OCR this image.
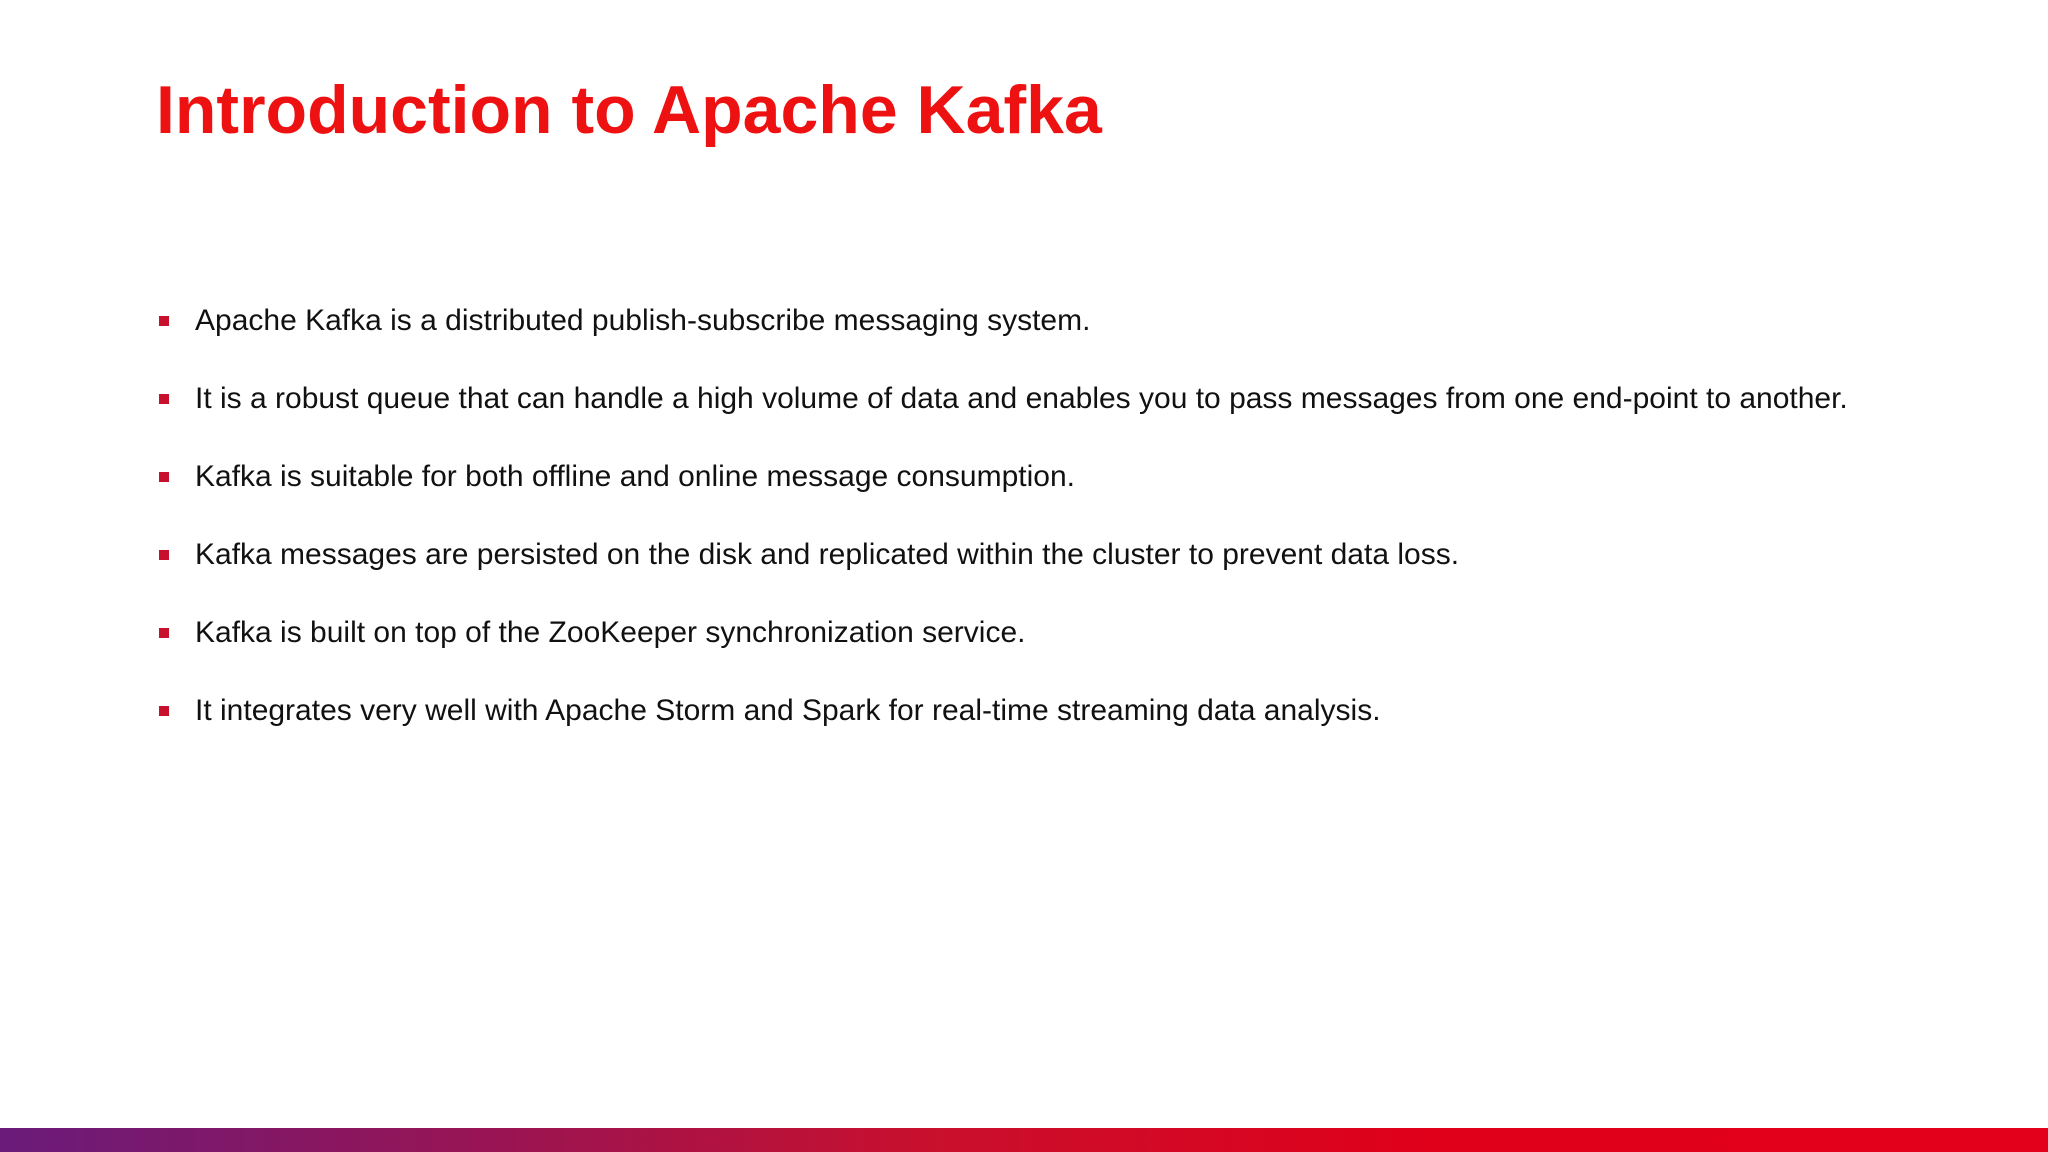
Introduction to Apache Kafka
Apache Kafka is a distributed publish-subscribe messaging system.
It is a robust queue that can handle a high volume of data and enables you to pass messages from one end-point to another.
Kafka is suitable for both offline and online message consumption.
Kafka messages are persisted on the disk and replicated within the cluster to prevent data loss.
Kafka is built on top of the ZooKeeper synchronization service.
It integrates very well with Apache Storm and Spark for real-time streaming data analysis.
